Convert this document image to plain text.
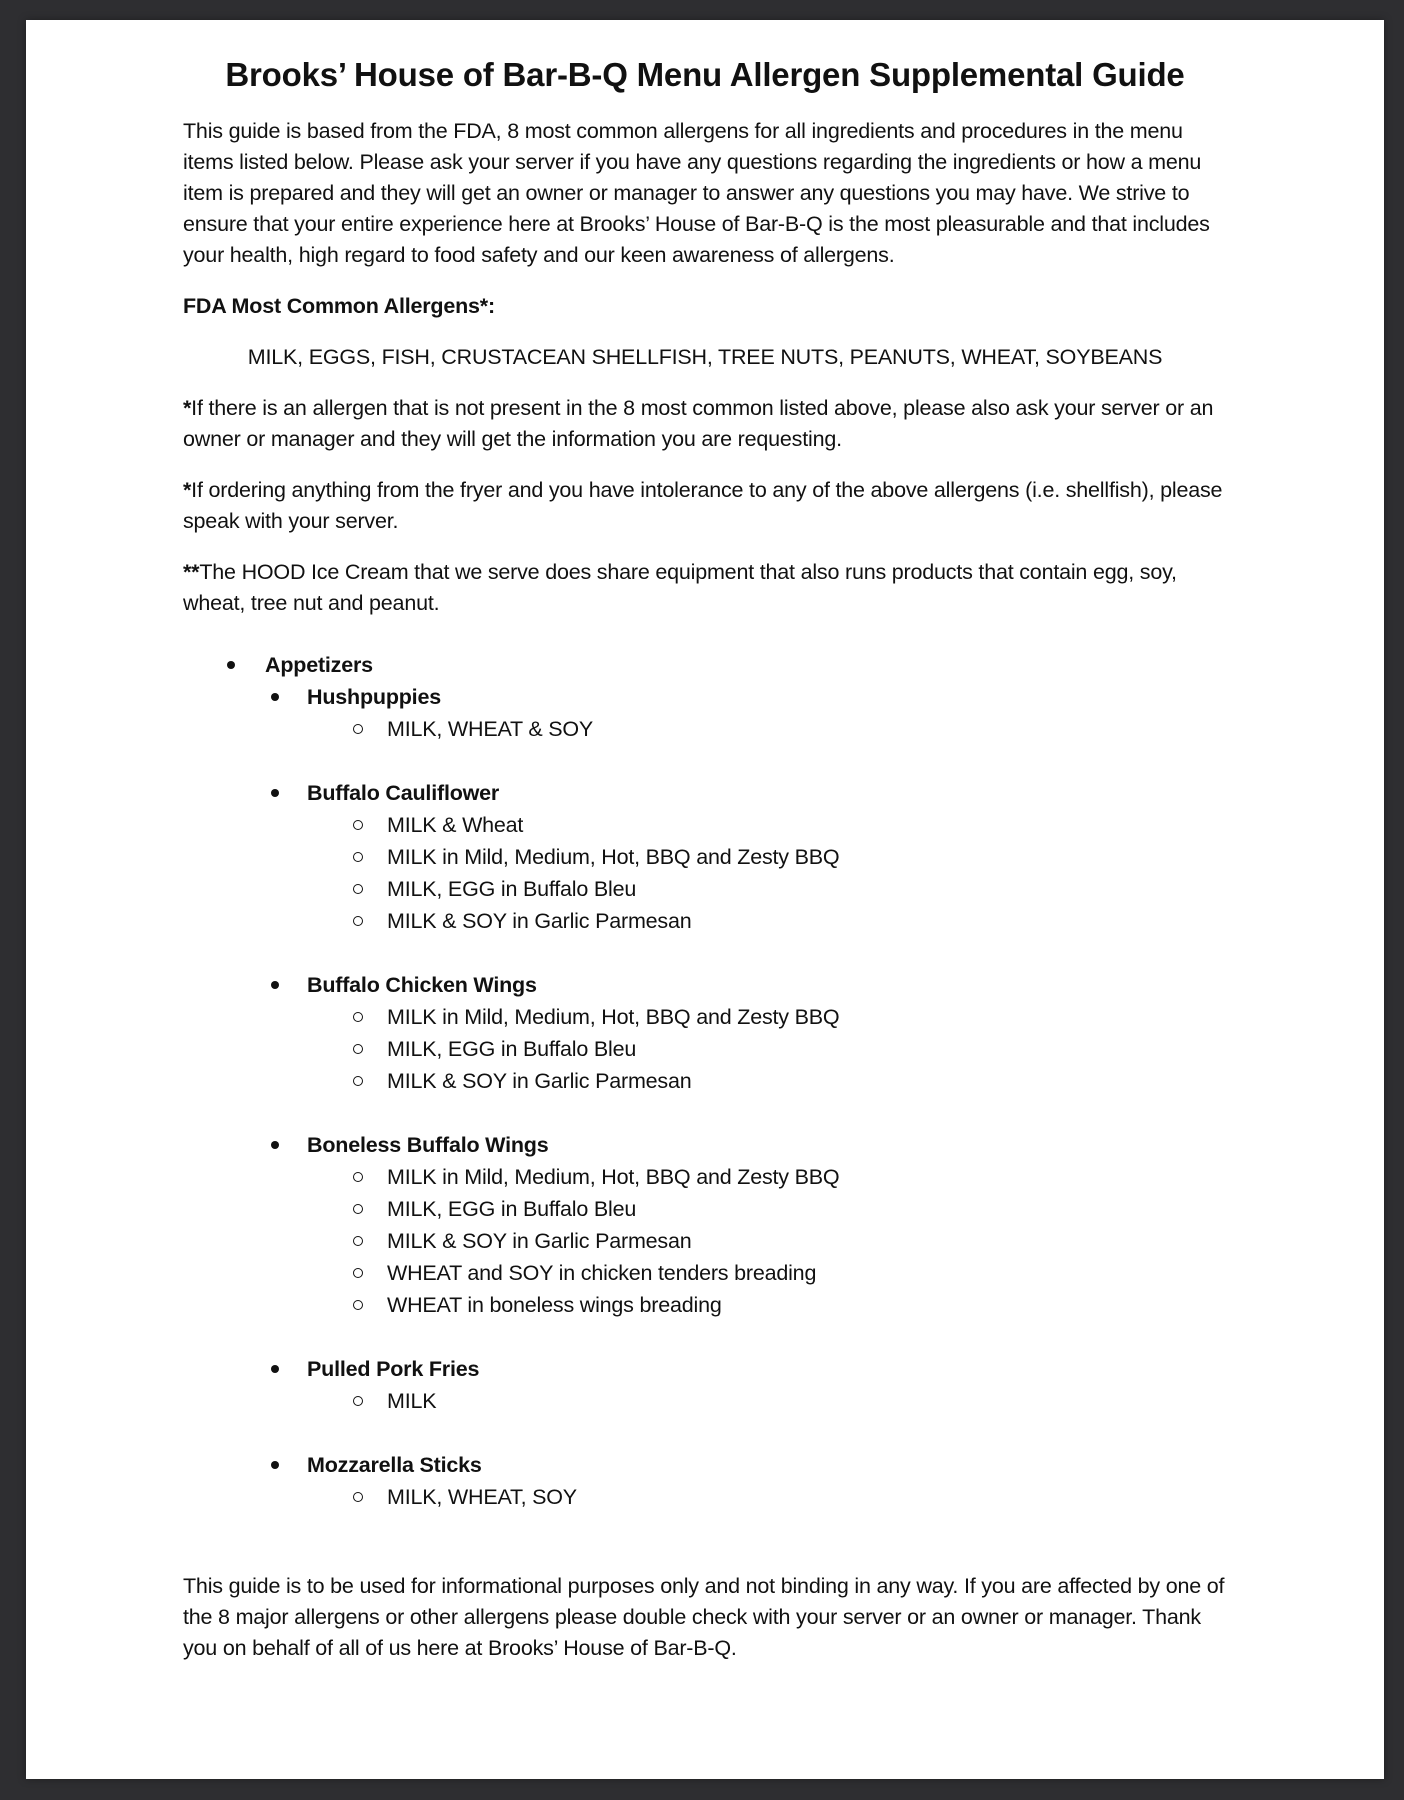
Brooks’ House of Bar-B-Q Menu Allergen Supplemental Guide

This guide is based from the FDA, 8 most common allergens for all ingredients and procedures in the menu items listed below. Please ask your server if you have any questions regarding the ingredients or how a menu item is prepared and they will get an owner or manager to answer any questions you may have. We strive to ensure that your entire experience here at Brooks’ House of Bar-B-Q is the most pleasurable and that includes your health, high regard to food safety and our keen awareness of allergens.

FDA Most Common Allergens*:

MILK, EGGS, FISH, CRUSTACEAN SHELLFISH, TREE NUTS, PEANUTS, WHEAT, SOYBEANS

*If there is an allergen that is not present in the 8 most common listed above, please also ask your server or an owner or manager and they will get the information you are requesting.

*If ordering anything from the fryer and you have intolerance to any of the above allergens (i.e. shellfish), please speak with your server.

**The HOOD Ice Cream that we serve does share equipment that also runs products that contain egg, soy, wheat, tree nut and peanut.

Appetizers
Hushpuppies
MILK, WHEAT & SOY
Buffalo Cauliflower
MILK & Wheat
MILK in Mild, Medium, Hot, BBQ and Zesty BBQ
MILK, EGG in Buffalo Bleu
MILK & SOY in Garlic Parmesan
Buffalo Chicken Wings
MILK in Mild, Medium, Hot, BBQ and Zesty BBQ
MILK, EGG in Buffalo Bleu
MILK & SOY in Garlic Parmesan
Boneless Buffalo Wings
MILK in Mild, Medium, Hot, BBQ and Zesty BBQ
MILK, EGG in Buffalo Bleu
MILK & SOY in Garlic Parmesan
WHEAT and SOY in chicken tenders breading
WHEAT in boneless wings breading
Pulled Pork Fries
MILK
Mozzarella Sticks
MILK, WHEAT, SOY

This guide is to be used for informational purposes only and not binding in any way. If you are affected by one of the 8 major allergens or other allergens please double check with your server or an owner or manager. Thank you on behalf of all of us here at Brooks’ House of Bar-B-Q.
